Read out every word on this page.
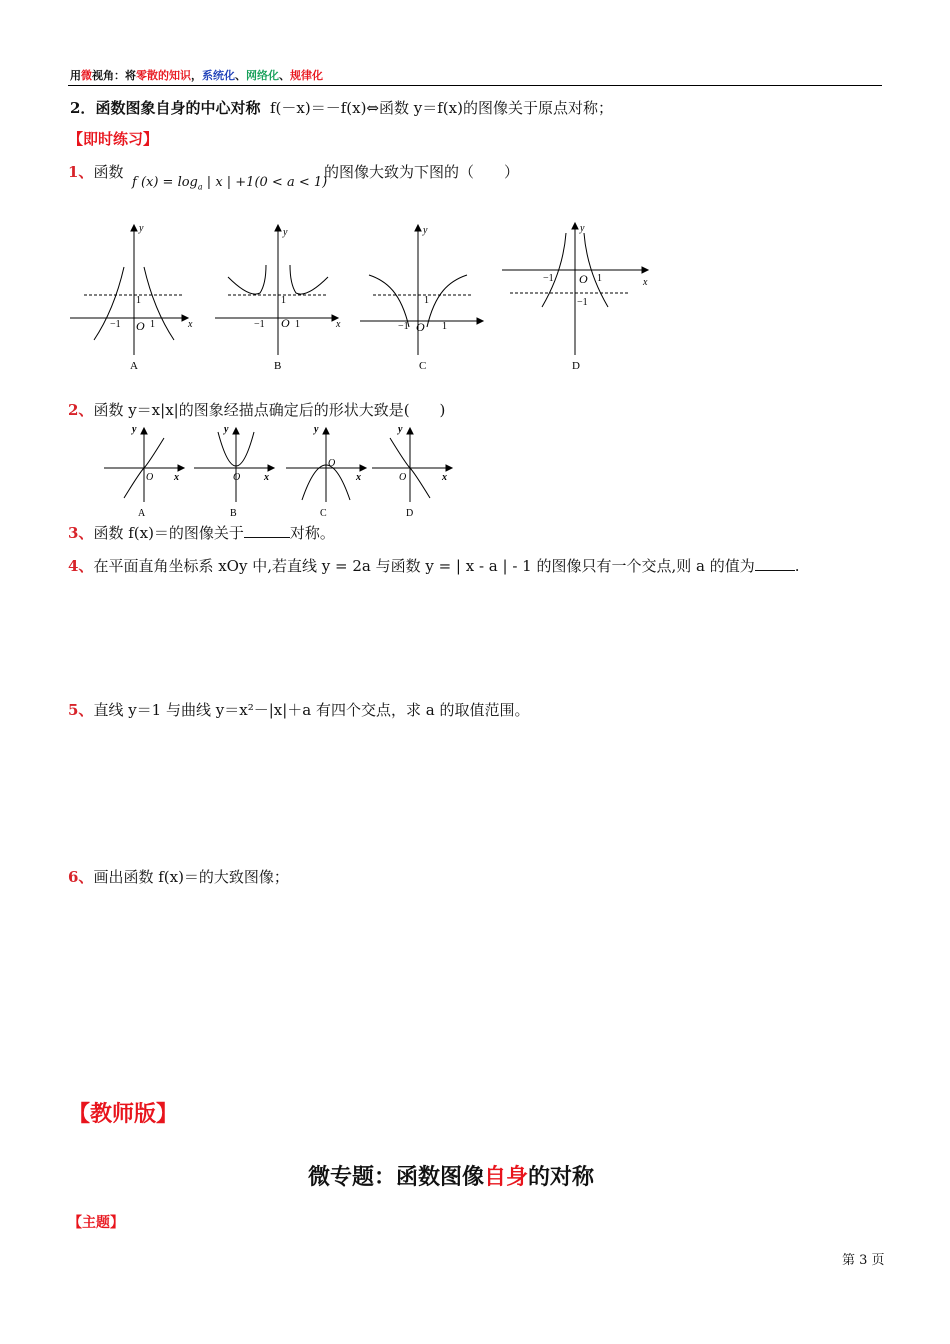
用微视角：将零散的知识，系统化、网络化、规律化
2．函数图象自身的中心对称 f(－x)＝－f(x)⇔函数 y＝f(x)的图像关于原点对称；
【即时练习】
1、函数
f $(x) = \log_a$ | x | +1(0 < a < 1)
的图像大致为下图的（　　）
y
x
−1
1
O 1
A
y
x
−1
1
O 1
B
y
−1
1
O 1
C
y
x
−1 O 1
−1
D
2、函数 y＝x|x|的图象经描点确定后的形状大致是(　　)
y
x
O
A
y
x
O
B
y
x
O
C
y
x
O
D
3、函数 f(x)＝的图像关于	对称。
4、在平面直角坐标系 xOy 中,若直线 y = 2a 与函数 y = | x - a | - 1 的图像只有一个交点,则 a 的值为	.
5、直线 y＝1 与曲线 y＝x²－|x|＋a 有四个交点，求 a 的取值范围。
6、画出函数 f(x)＝的大致图像；
【教师版】
微专题：函数图像自身的对称
【主题】
第 3 页
